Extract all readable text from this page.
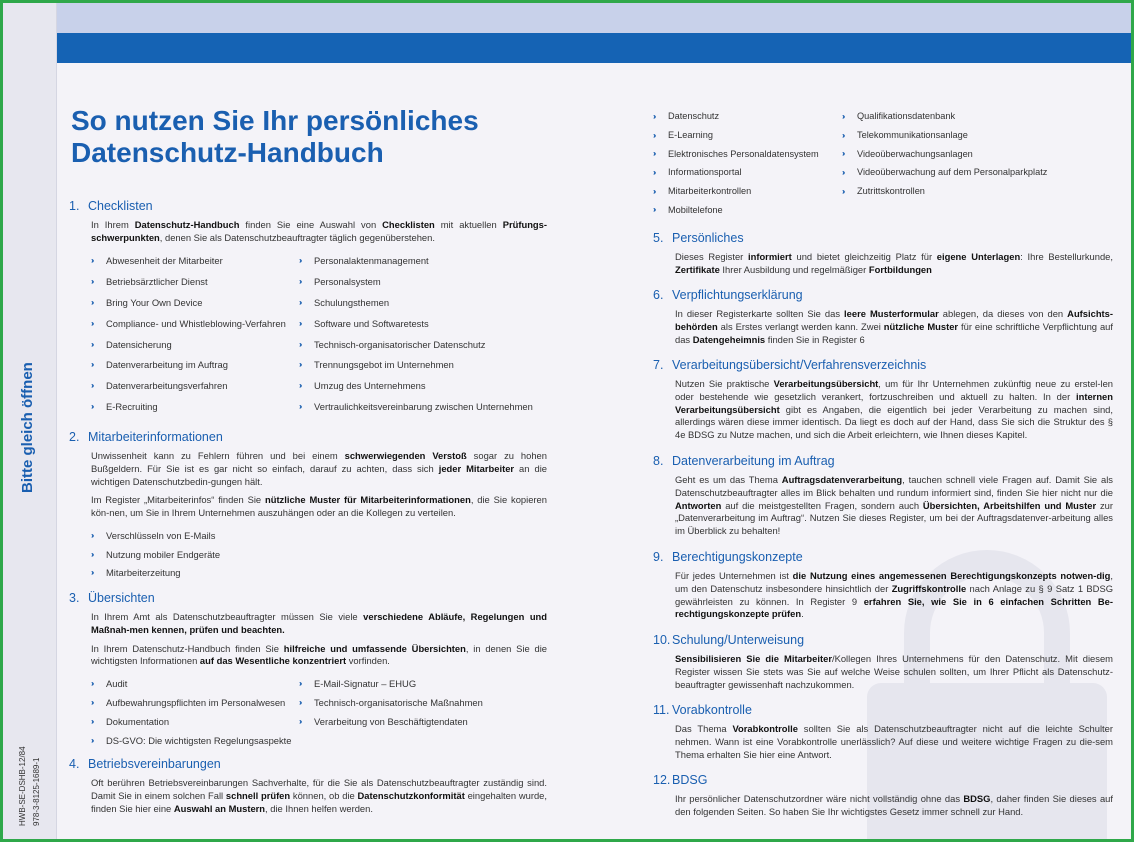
Bitte gleich öffnen
HWB-SE-DSHB-12/84 978-3-8125-1689-1
So nutzen Sie Ihr persönliches
Datenschutz-Handbuch
1. Checklisten

In Ihrem Datenschutz-Handbuch finden Sie eine Auswahl von Checklisten mit aktuellen Prüfungs-schwerpunkten, denen Sie als Datenschutzbeauftragter täglich gegenüberstehen.

››	Abwesenheit der Mitarbeiter	››	Personalaktenmanagement
››	Betriebsärztlicher Dienst	››	Personalsystem
››	Bring Your Own Device	››	Schulungsthemen
››	Compliance- und Whistleblowing-Verfahren ››	Software und Softwaretests
››	Datensicherung	››	Technisch-organisatorischer Datenschutz
››	Datenverarbeitung im Auftrag	››	Trennungsgebot im Unternehmen
››	Datenverarbeitungsverfahren	››	Umzug des Unternehmens
››	E-Recruiting	››	Vertraulichkeitsvereinbarung zwischen Unternehmen
2. Mitarbeiterinformationen

Unwissenheit kann zu Fehlern führen und bei einem schwerwiegenden Verstoß sogar zu hohen Bußgeldern. Für Sie ist es gar nicht so einfach, darauf zu achten, dass sich jeder Mitarbeiter an die wichtigen Datenschutzbedin-gungen hält.

Im Register „Mitarbeiterinfos“ finden Sie nützliche Muster für Mitarbeiterinformationen, die Sie kopieren kön-nen, um Sie in Ihrem Unternehmen auszuhängen oder an die Kollegen zu verteilen.

››	Verschlüsseln von E-Mails
››	Nutzung mobiler Endgeräte
››	Mitarbeiterzeitung
3. Übersichten

In Ihrem Amt als Datenschutzbeauftragter müssen Sie viele verschiedene Abläufe, Regelungen und Maßnah-men kennen, prüfen und beachten.

In Ihrem Datenschutz-Handbuch finden Sie hilfreiche und umfassende Übersichten, in denen Sie die wichtigsten Informationen auf das Wesentliche konzentriert vorfinden.

››	Audit	››	E-Mail-Signatur – EHUG
››	Aufbewahrungspflichten im Personalwesen ››	Technisch-organisatorische Maßnahmen
››	Dokumentation	››	Verarbeitung von Beschäftigtendaten
››	DS-GVO: Die wichtigsten Regelungsaspekte
4. Betriebsvereinbarungen

Oft berühren Betriebsvereinbarungen Sachverhalte, für die Sie als Datenschutzbeauftragter zuständig sind. Damit Sie in einem solchen Fall schnell prüfen können, ob die Datenschutzkonformität eingehalten wurde, finden Sie hier eine Auswahl an Mustern, die Ihnen helfen werden.

››	Datenschutz	››	Qualifikationsdatenbank
››	E-Learning	››	Telekommunikationsanlage
››	Elektronisches Personaldatensystem	››	Videoüberwachungsanlagen
››	Informationsportal	››	Videoüberwachung auf dem Personalparkplatz
››	Mitarbeiterkontrollen	››	Zutrittskontrollen
››	Mobiltelefone
5. Persönliches

Dieses Register informiert und bietet gleichzeitig Platz für eigene Unterlagen: Ihre Bestellurkunde, Zertifikate Ihrer Ausbildung und regelmäßiger Fortbildungen

6. Verpflichtungserklärung

In dieser Registerkarte sollten Sie das leere Musterformular ablegen, da dieses von den Aufsichts-behörden als Erstes verlangt werden kann. Zwei nützliche Muster für eine schriftliche Verpflichtung auf das Datengeheimnis finden Sie in Register 6

7. Verarbeitungsübersicht/Verfahrensverzeichnis

Nutzen Sie praktische Verarbeitungsübersicht, um für Ihr Unternehmen zukünftig neue zu erstel-len oder bestehende wie gesetzlich verankert, fortzuschreiben und aktuell zu halten. In der internen Verarbeitungsübersicht gibt es Angaben, die eigentlich bei jeder Verarbeitung zu machen sind, allerdings wären diese immer identisch. Da liegt es doch auf der Hand, dass Sie sich die Struktur des § 4e BDSG zu Nutze machen, und sich die Arbeit erleichtern, wie Ihnen dieses Kapitel.

8. Datenverarbeitung im Auftrag

Geht es um das Thema Auftragsdatenverarbeitung, tauchen schnell viele Fragen auf. Damit Sie als Datenschutzbeauftragter alles im Blick behalten und rundum informiert sind, finden Sie hier nicht nur die Antworten auf die meistgestellten Fragen, sondern auch Übersichten, Arbeitshilfen und Muster zur „Datenverarbeitung im Auftrag“. Nutzen Sie dieses Register, um bei der Auftragsdatenver-arbeitung alles im Überblick zu behalten!

9. Berechtigungskonzepte

Für jedes Unternehmen ist die Nutzung eines angemessenen Berechtigungskonzepts notwen-dig, um den Datenschutz insbesondere hinsichtlich der Zugriffskontrolle nach Anlage zu § 9 Satz 1 BDSG gewährleisten zu können. In Register 9 erfahren Sie, wie Sie in 6 einfachen Schritten Be-rechtigungskonzepte prüfen.

10. Schulung/Unterweisung

Sensibilisieren Sie die Mitarbeiter/Kollegen Ihres Unternehmens für den Datenschutz. Mit diesem Register wissen Sie stets was Sie auf welche Weise schulen sollten, um Ihrer Pflicht als Datenschutz-beauftragter gewissenhaft nachzukommen.

11. Vorabkontrolle

Das Thema Vorabkontrolle sollten Sie als Datenschutzbeauftragter nicht auf die leichte Schulter nehmen. Wann ist eine Vorabkontrolle unerlässlich? Auf diese und weitere wichtige Fragen zu die-sem Thema erhalten Sie hier eine Antwort.

12. BDSG

Ihr persönlicher Datenschutzordner wäre nicht vollständig ohne das BDSG, daher finden Sie dieses auf den folgenden Seiten. So haben Sie Ihr wichtigstes Gesetz immer schnell zur Hand.
